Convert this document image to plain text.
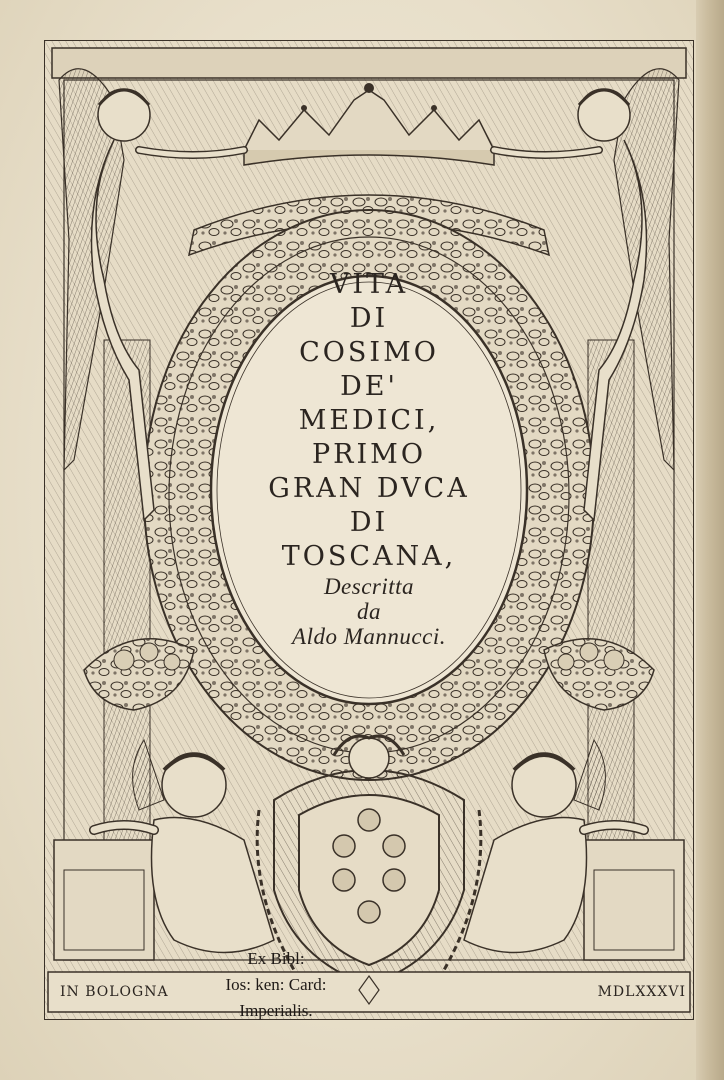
VITA
DI
COSIMO
DE'
MEDICI,
PRIMO
GRAN DVCA
DI
TOSCANA,
Descritta
da
Aldo Mannucci.
IN BOLOGNA	MDLXXXVI
Ex Bibl:
Ios: ken: Card:
Imperialis.
